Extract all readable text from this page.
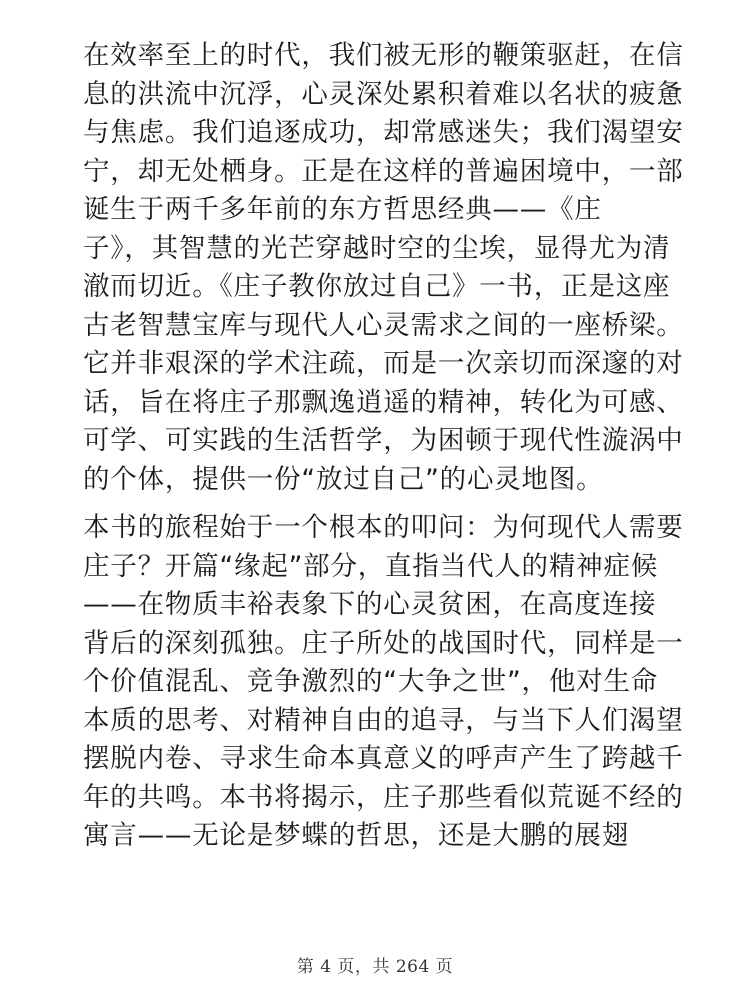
在效率至上的时代，我们被无形的鞭策驱赶，在信
息的洪流中沉浮，心灵深处累积着难以名状的疲惫
与焦虑。我们追逐成功，却常感迷失；我们渴望安
宁，却无处栖身。正是在这样的普遍困境中，一部
诞生于两千多年前的东方哲思经典——《庄
子》，其智慧的光芒穿越时空的尘埃，显得尤为清
澈而切近。《庄子教你放过自己》一书，正是这座
古老智慧宝库与现代人心灵需求之间的一座桥梁。
它并非艰深的学术注疏，而是一次亲切而深邃的对
话，旨在将庄子那飘逸逍遥的精神，转化为可感、
可学、可实践的生活哲学，为困顿于现代性漩涡中
的个体，提供一份“放过自己”的心灵地图。

本书的旅程始于一个根本的叩问：为何现代人需要
庄子？开篇“缘起”部分，直指当代人的精神症候
——在物质丰裕表象下的心灵贫困，在高度连接
背后的深刻孤独。庄子所处的战国时代，同样是一
个价值混乱、竞争激烈的“大争之世”，他对生命
本质的思考、对精神自由的追寻，与当下人们渴望
摆脱内卷、寻求生命本真意义的呼声产生了跨越千
年的共鸣。本书将揭示，庄子那些看似荒诞不经的
寓言——无论是梦蝶的哲思，还是大鹏的展翅

第 4 页，共 264 页
